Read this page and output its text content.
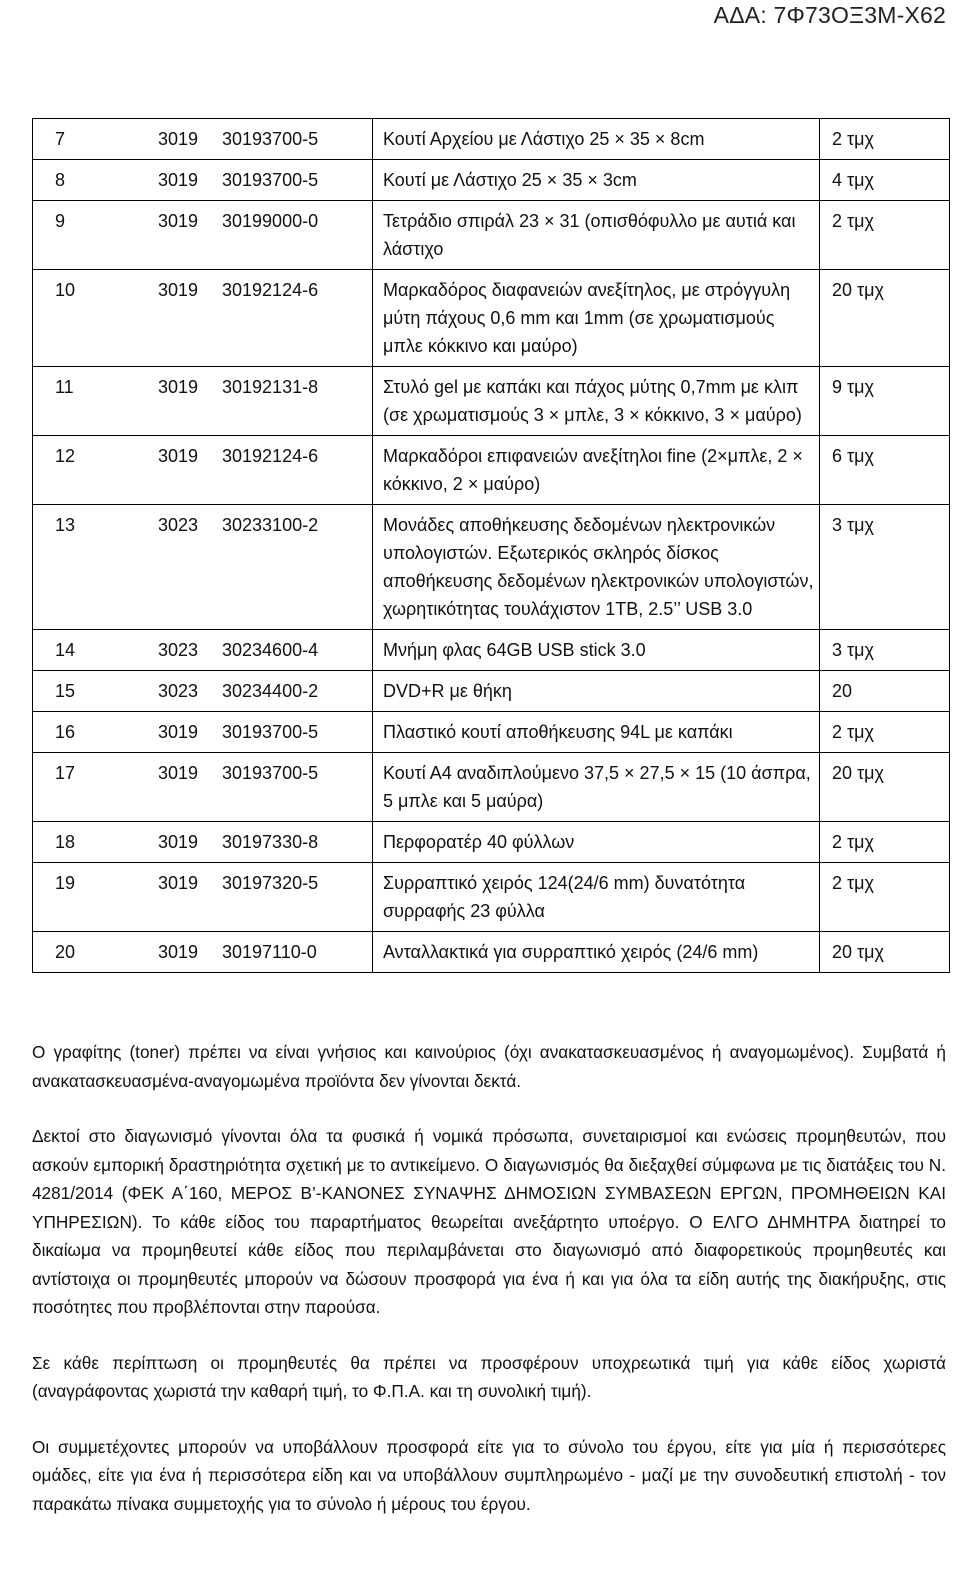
ΑΔΑ: 7Φ73ΟΞ3Μ-Χ62
7	3019	30193700-5	Κουτί Αρχείου με Λάστιχο 25 × 35 × 8cm	2 τμχ
8	3019	30193700-5	Κουτί με Λάστιχο 25 × 35 × 3cm	4 τμχ
9	3019	30199000-0	Τετράδιο σπιράλ 23 × 31 (οπισθόφυλλο με αυτιά και λάστιχο	2 τμχ
10	3019	30192124-6	Μαρκαδόρος διαφανειών ανεξίτηλος, με στρόγγυλη μύτη πάχους 0,6 mm και 1mm (σε χρωματισμούς μπλε κόκκινο και μαύρο)	20 τμχ
11	3019	30192131-8	Στυλό gel με καπάκι και πάχος μύτης 0,7mm με κλιπ (σε χρωματισμούς 3 × μπλε, 3 × κόκκινο, 3 × μαύρο)	9 τμχ
12	3019	30192124-6	Μαρκαδόροι επιφανειών ανεξίτηλοι fine (2×μπλε, 2 × κόκκινο, 2 × μαύρο)	6 τμχ
13	3023	30233100-2	Μονάδες αποθήκευσης δεδομένων ηλεκτρονικών υπολογιστών. Εξωτερικός σκληρός δίσκος αποθήκευσης δεδομένων ηλεκτρονικών υπολογιστών, χωρητικότητας τουλάχιστον 1TB, 2.5’’ USB 3.0	3 τμχ
14	3023	30234600-4	Μνήμη φλας 64GB USB stick 3.0	3 τμχ
15	3023	30234400-2	DVD+R με θήκη	20
16	3019	30193700-5	Πλαστικό κουτί αποθήκευσης 94L με καπάκι	2 τμχ
17	3019	30193700-5	Κουτί Α4 αναδιπλούμενο 37,5 × 27,5 × 15 (10 άσπρα, 5 μπλε και 5 μαύρα)	20 τμχ
18	3019	30197330-8	Περφορατέρ 40 φύλλων	2 τμχ
19	3019	30197320-5	Συρραπτικό χειρός 124(24/6 mm) δυνατότητα συρραφής 23 φύλλα	2 τμχ
20	3019	30197110-0	Ανταλλακτικά για συρραπτικό χειρός (24/6 mm)	20 τμχ

Ο γραφίτης (toner) πρέπει να είναι γνήσιος και καινούριος (όχι ανακατασκευασμένος ή αναγομωμένος). Συμβατά ή ανακατασκευασμένα-αναγομωμένα προϊόντα δεν γίνονται δεκτά.

Δεκτοί στο διαγωνισμό γίνονται όλα τα φυσικά ή νομικά πρόσωπα, συνεταιρισμοί και ενώσεις προμηθευτών, που ασκούν εμπορική δραστηριότητα σχετική με το αντικείμενο. Ο διαγωνισμός θα διεξαχθεί σύμφωνα με τις διατάξεις του Ν. 4281/2014 (ΦΕΚ Α΄160, ΜΕΡΟΣ Β’-ΚΑΝΟΝΕΣ ΣΥΝΑΨΗΣ ΔΗΜΟΣΙΩΝ ΣΥΜΒΑΣΕΩΝ ΕΡΓΩΝ, ΠΡΟΜΗΘΕΙΩΝ ΚΑΙ ΥΠΗΡΕΣΙΩΝ). Το κάθε είδος του παραρτήματος θεωρείται ανεξάρτητο υποέργο. Ο ΕΛΓΟ ΔΗΜΗΤΡΑ διατηρεί το δικαίωμα να προμηθευτεί κάθε είδος που περιλαμβάνεται στο διαγωνισμό από διαφορετικούς προμηθευτές και αντίστοιχα οι προμηθευτές μπορούν να δώσουν προσφορά για ένα ή και για όλα τα είδη αυτής της διακήρυξης, στις ποσότητες που προβλέπονται στην παρούσα.

Σε κάθε περίπτωση οι προμηθευτές θα πρέπει να προσφέρουν υποχρεωτικά τιμή για κάθε είδος χωριστά (αναγράφοντας χωριστά την καθαρή τιμή, το Φ.Π.Α. και τη συνολική τιμή).

Οι συμμετέχοντες μπορούν να υποβάλλουν προσφορά είτε για το σύνολο του έργου, είτε για μία ή περισσότερες ομάδες, είτε για ένα ή περισσότερα είδη και να υποβάλλουν συμπληρωμένο - μαζί με την συνοδευτική επιστολή - τον παρακάτω πίνακα συμμετοχής για το σύνολο ή μέρους του έργου.
